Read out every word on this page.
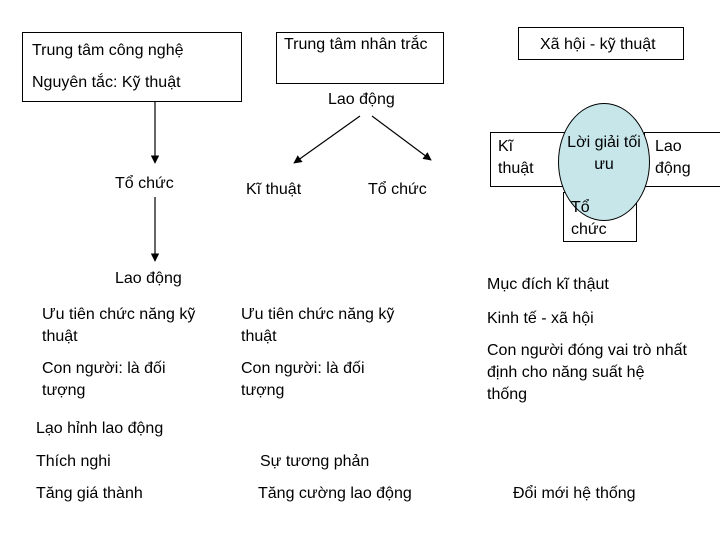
Trung tâm công nghệ
Nguyên tắc: Kỹ thuật
Tổ chức
Lao động
Ưu tiên chức năng kỹ thuật
Con người: là đối tượng
Trung tâm nhân trắc
Lao động
Kĩ thuật	Tổ chức
Ưu tiên chức năng kỹ thuật
Con người: là đối tượng
Xã hội - kỹ thuật
Kĩ thuật
Lao động
Tổ chức
Lời giải tối ưu
Mục đích kĩ thậut
Kinh tế - xã hội
Con người đóng vai trò nhất định cho năng suất hệ thống
Lạo hỉnh lao động
Thích nghi
Tăng giá thành
Sự tương phản
Tăng cường lao động	Đổi mới hệ thống
